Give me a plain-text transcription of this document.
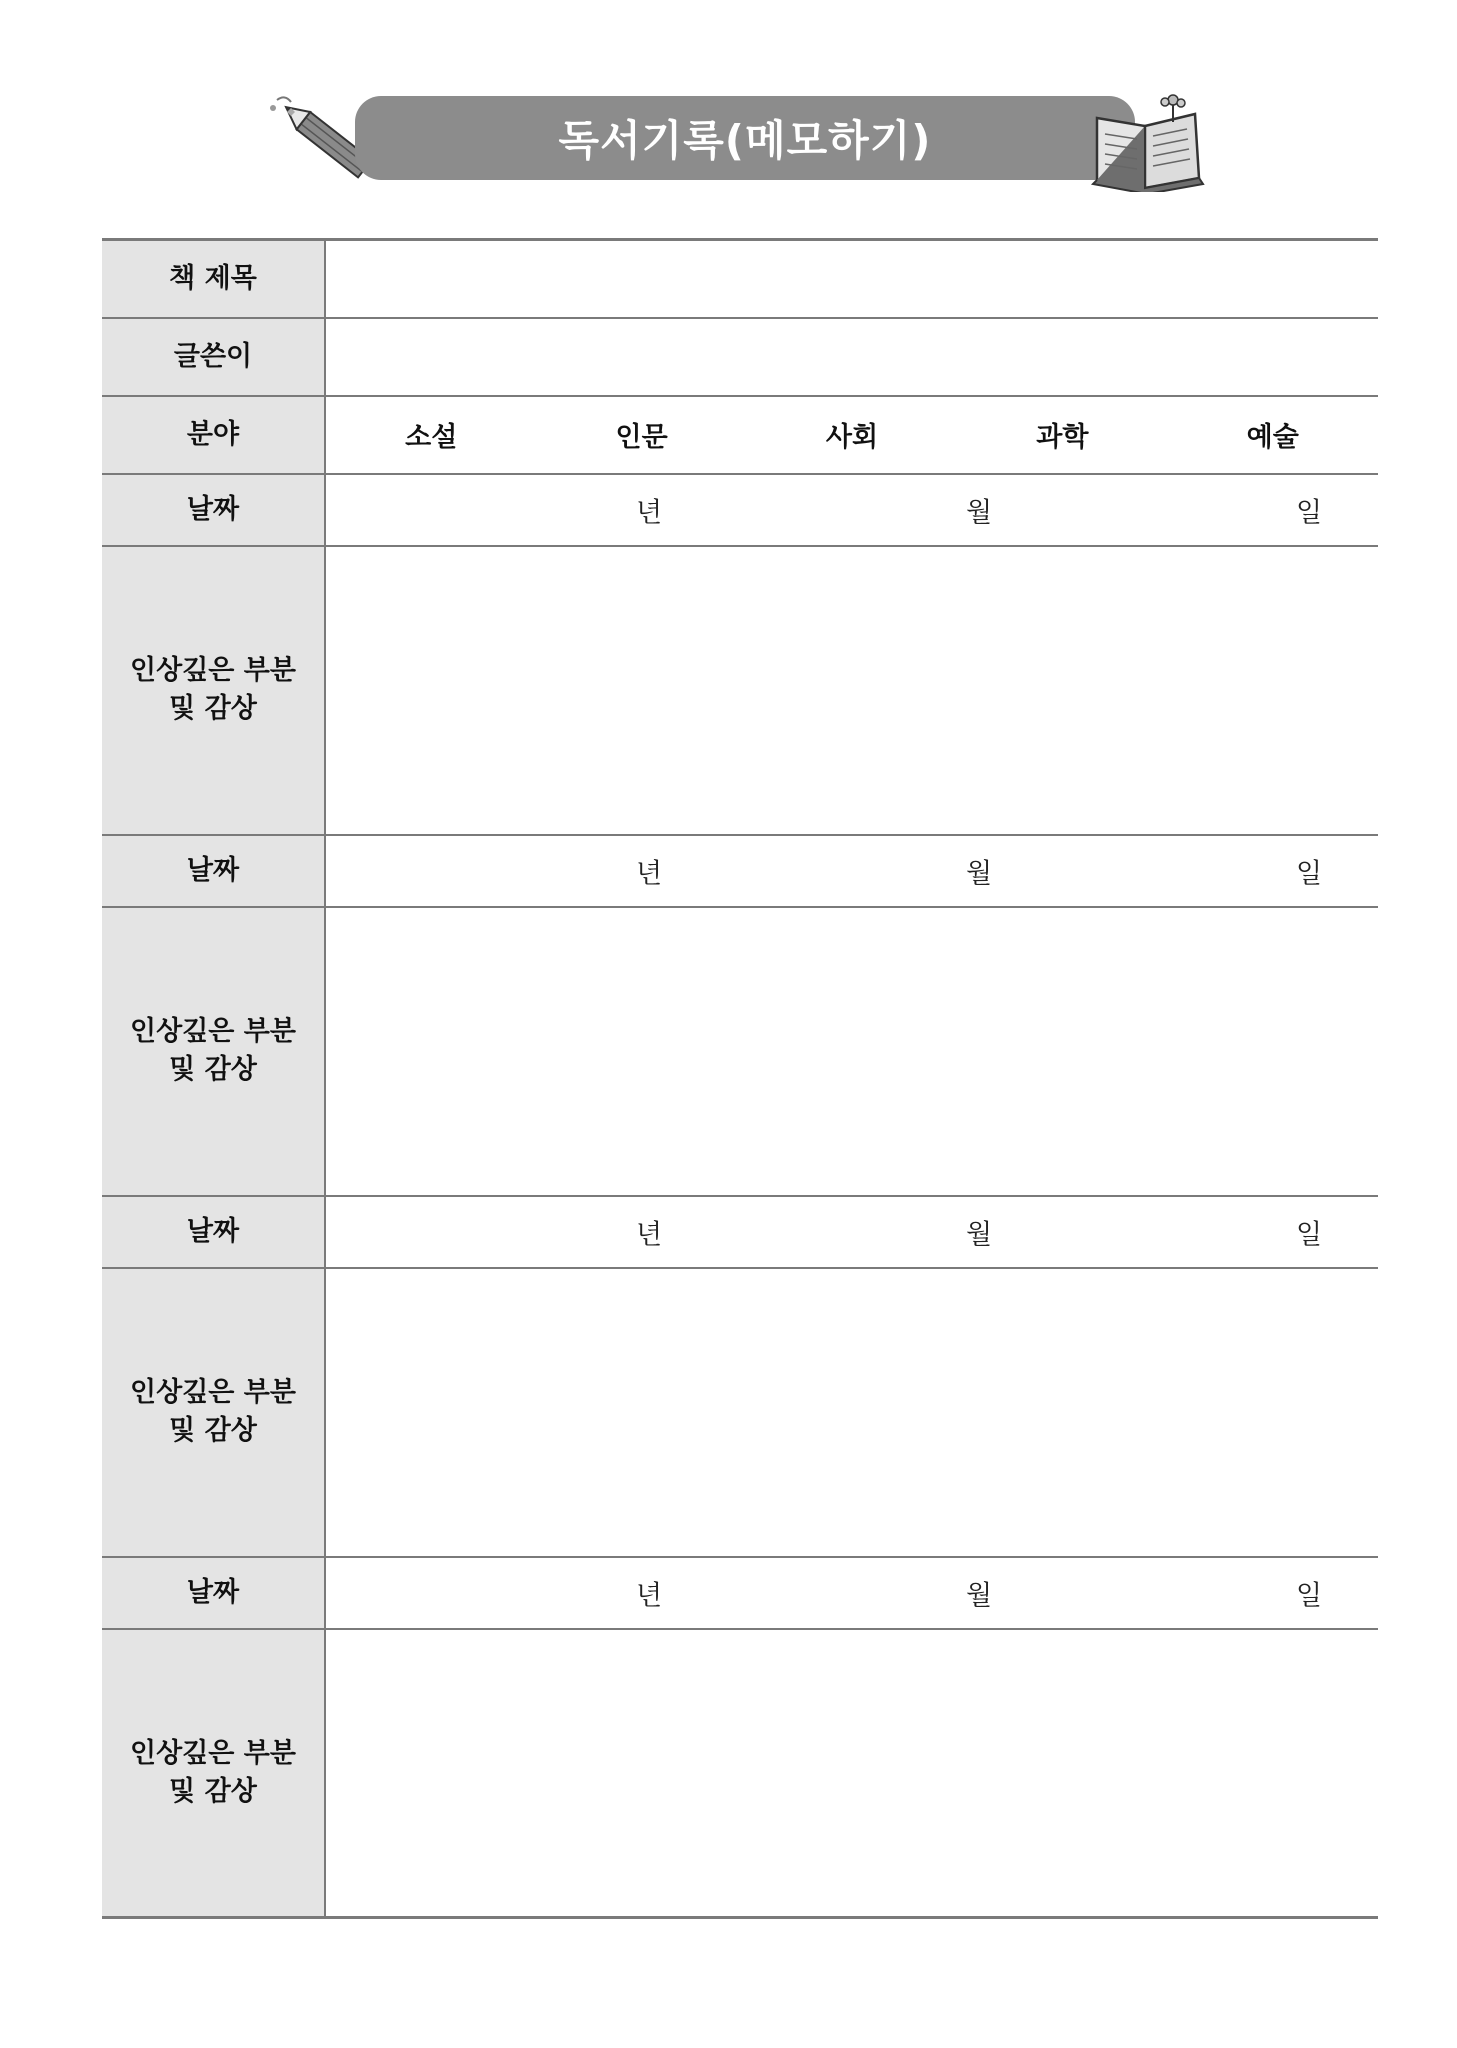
독서기록(메모하기)
책 제목	
글쓴이	
분야	소설 인문 사회 과학 예술

날짜	년 월 일

인상깊은 부분
및 감상	

날짜	년 월 일

인상깊은 부분
및 감상	

날짜	년 월 일

인상깊은 부분
및 감상	

날짜	년 월 일

인상깊은 부분
및 감상	
